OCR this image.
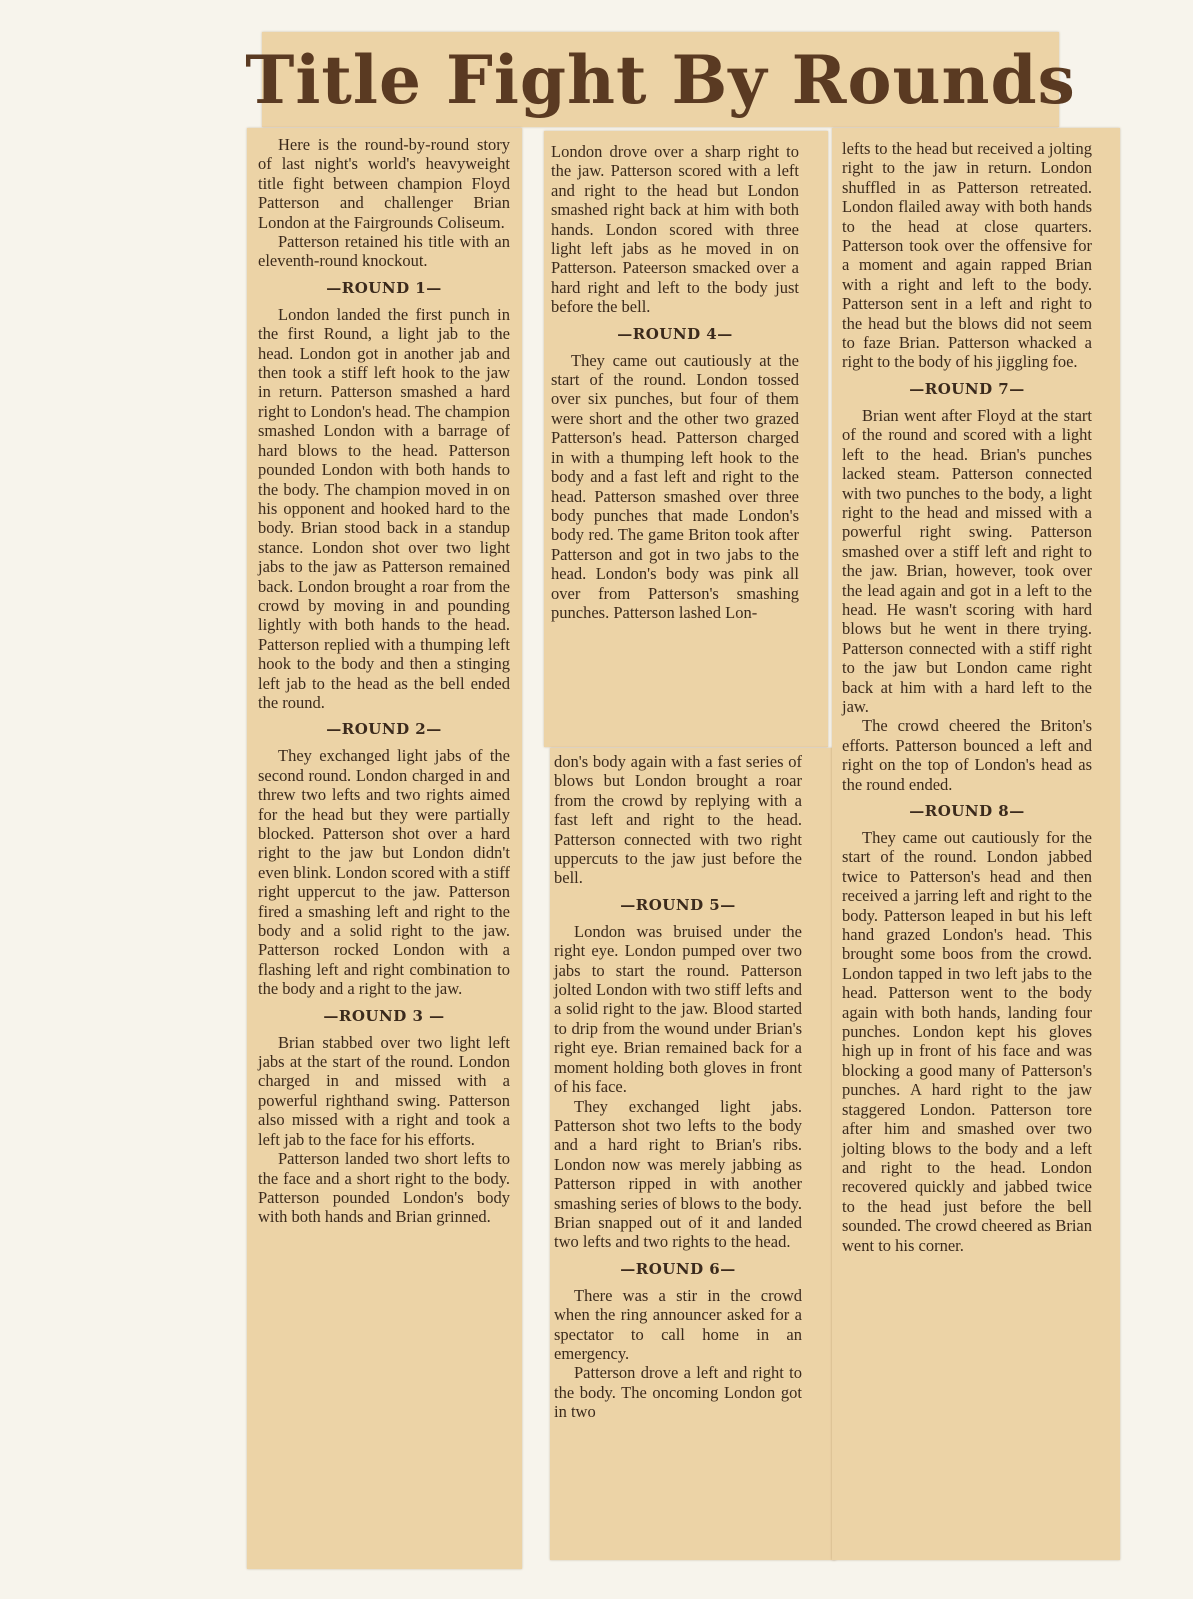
Title Fight By Rounds

Here is the round-by-round story of last night's world's heavyweight title fight between champion Floyd Patterson and challenger Brian London at the Fairgrounds Coliseum.

Patterson retained his title with an eleventh-round knockout.

—ROUND 1—

London landed the first punch in the first Round, a light jab to the head. London got in another jab and then took a stiff left hook to the jaw in return. Patterson smashed a hard right to London's head. The champion smashed London with a barrage of hard blows to the head. Patterson pounded London with both hands to the body. The champion moved in on his opponent and hooked hard to the body. Brian stood back in a standup stance. London shot over two light jabs to the jaw as Patterson remained back. London brought a roar from the crowd by moving in and pounding lightly with both hands to the head. Patterson replied with a thumping left hook to the body and then a stinging left jab to the head as the bell ended the round.

—ROUND 2—

They exchanged light jabs of the second round. London charged in and threw two lefts and two rights aimed for the head but they were partially blocked. Patterson shot over a hard right to the jaw but London didn't even blink. London scored with a stiff right uppercut to the jaw. Patterson fired a smashing left and right to the body and a solid right to the jaw. Patterson rocked London with a flashing left and right combination to the body and a right to the jaw.

—ROUND 3 —

Brian stabbed over two light left jabs at the start of the round. London charged in and missed with a powerful righthand swing. Patterson also missed with a right and took a left jab to the face for his efforts.

Patterson landed two short lefts to the face and a short right to the body. Patterson pounded London's body with both hands and Brian grinned.

London drove over a sharp right to the jaw. Patterson scored with a left and right to the head but London smashed right back at him with both hands. London scored with three light left jabs as he moved in on Patterson. Pateerson smacked over a hard right and left to the body just before the bell.

—ROUND 4—

They came out cautiously at the start of the round. London tossed over six punches, but four of them were short and the other two grazed Patterson's head. Patterson charged in with a thumping left hook to the body and a fast left and right to the head. Patterson smashed over three body punches that made London's body red. The game Briton took after Patterson and got in two jabs to the head. London's body was pink all over from Patterson's smashing punches. Patterson lashed Lon-

don's body again with a fast series of blows but London brought a roar from the crowd by replying with a fast left and right to the head. Patterson connected with two right uppercuts to the jaw just before the bell.

—ROUND 5—

London was bruised under the right eye. London pumped over two jabs to start the round. Patterson jolted London with two stiff lefts and a solid right to the jaw. Blood started to drip from the wound under Brian's right eye. Brian remained back for a moment holding both gloves in front of his face.

They exchanged light jabs. Patterson shot two lefts to the body and a hard right to Brian's ribs. London now was merely jabbing as Patterson ripped in with another smashing series of blows to the body. Brian snapped out of it and landed two lefts and two rights to the head.

—ROUND 6—

There was a stir in the crowd when the ring announcer asked for a spectator to call home in an emergency.

Patterson drove a left and right to the body. The oncoming London got in two

lefts to the head but received a jolting right to the jaw in return. London shuffled in as Patterson retreated. London flailed away with both hands to the head at close quarters. Patterson took over the offensive for a moment and again rapped Brian with a right and left to the body. Patterson sent in a left and right to the head but the blows did not seem to faze Brian. Patterson whacked a right to the body of his jiggling foe.

—ROUND 7—

Brian went after Floyd at the start of the round and scored with a light left to the head. Brian's punches lacked steam. Patterson connected with two punches to the body, a light right to the head and missed with a powerful right swing. Patterson smashed over a stiff left and right to the jaw. Brian, however, took over the lead again and got in a left to the head. He wasn't scoring with hard blows but he went in there trying. Patterson connected with a stiff right to the jaw but London came right back at him with a hard left to the jaw.

The crowd cheered the Briton's efforts. Patterson bounced a left and right on the top of London's head as the round ended.

—ROUND 8—

They came out cautiously for the start of the round. London jabbed twice to Patterson's head and then received a jarring left and right to the body. Patterson leaped in but his left hand grazed London's head. This brought some boos from the crowd. London tapped in two left jabs to the head. Patterson went to the body again with both hands, landing four punches. London kept his gloves high up in front of his face and was blocking a good many of Patterson's punches. A hard right to the jaw staggered London. Patterson tore after him and smashed over two jolting blows to the body and a left and right to the head. London recovered quickly and jabbed twice to the head just before the bell sounded. The crowd cheered as Brian went to his corner.
